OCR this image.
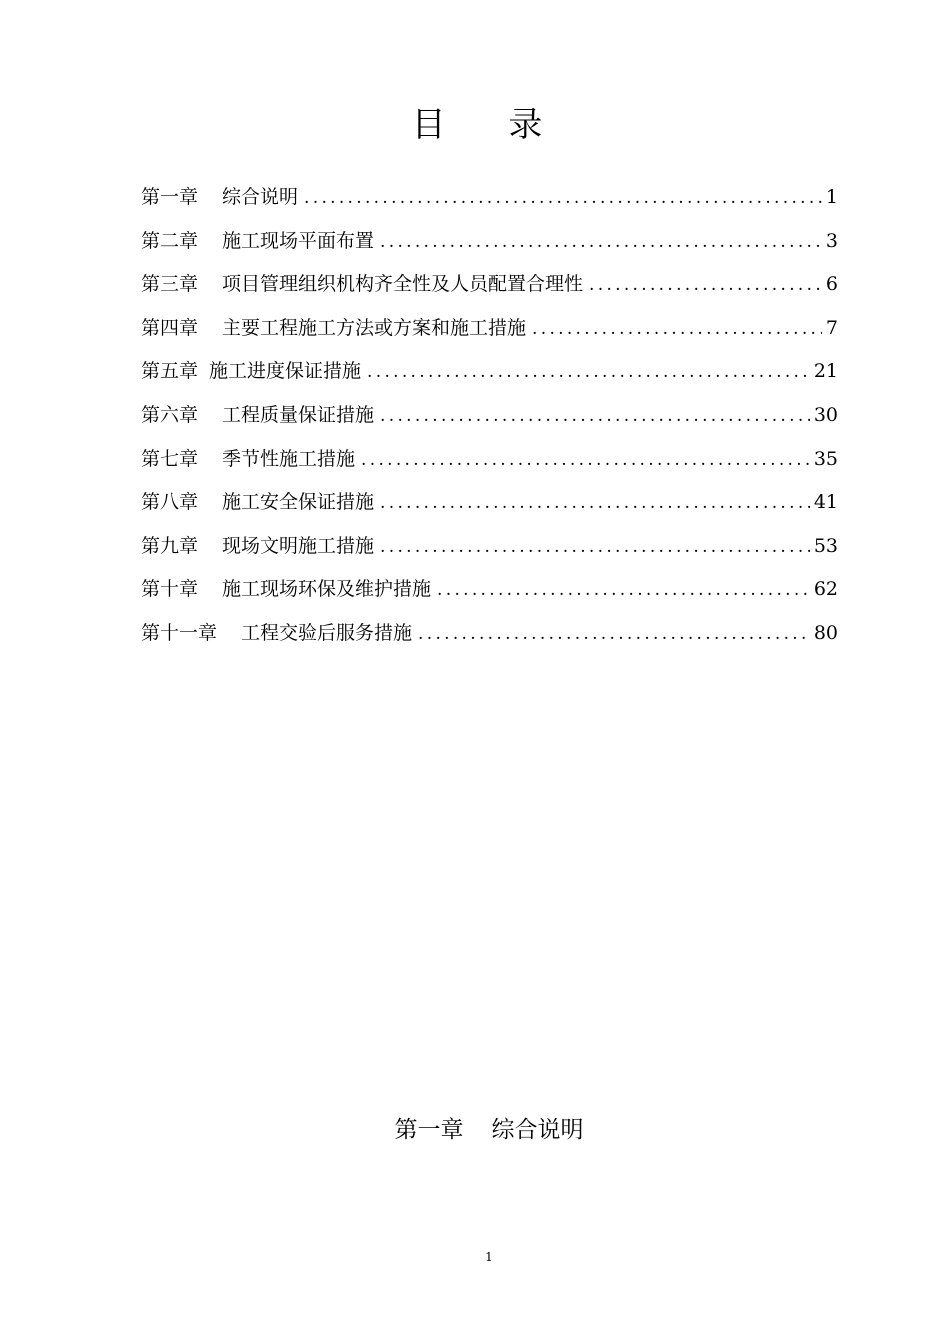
目 录
第一章 综合说明 .....	1
第二章 施工现场平面布置 .....	3
第三章 项目管理组织机构齐全性及人员配置合理性 .....	6
第四章 主要工程施工方法或方案和施工措施 .....	7
第五章 施工进度保证措施 .....	21
第六章 工程质量保证措施 .....	30
第七章 季节性施工措施 .....	35
第八章 施工安全保证措施 .....	41
第九章 现场文明施工措施 .....	53
第十章 施工现场环保及维护措施 .....	62
第十一章 工程交验后服务措施 .....	80
第一章 综合说明
1
